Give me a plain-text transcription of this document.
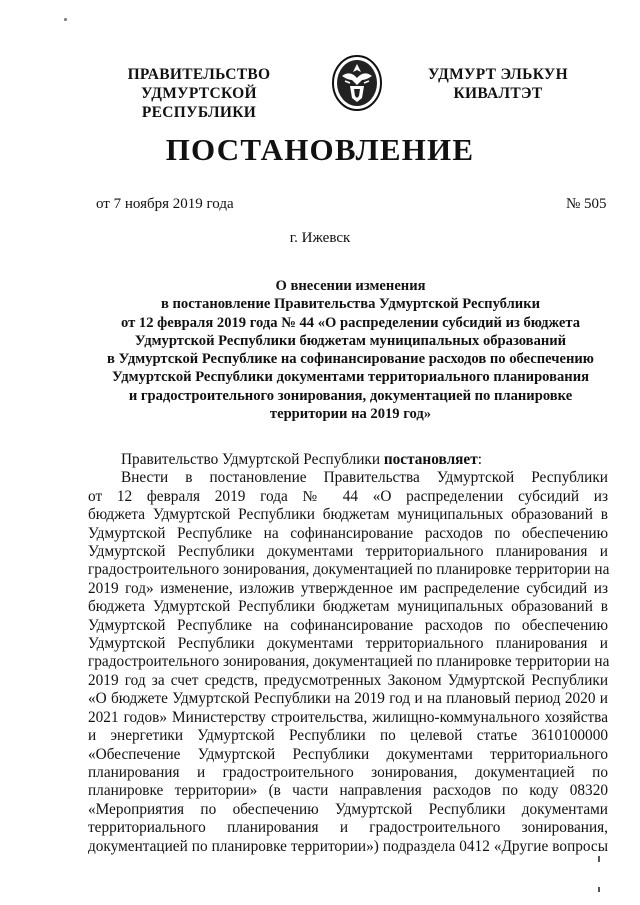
ПРАВИТЕЛЬСТВО
УДМУРТСКОЙ РЕСПУБЛИКИ
УДМУРТ ЭЛЬКУН
КИВАЛТЭТ
ПОСТАНОВЛЕНИЕ
от 7 ноября 2019 года	№ 505
г. Ижевск
О внесении изменения
в постановление Правительства Удмуртской Республики
от 12 февраля 2019 года № 44 «О распределении субсидий из бюджета
Удмуртской Республики бюджетам муниципальных образований
в Удмуртской Республике на софинансирование расходов по обеспечению
Удмуртской Республики документами территориального планирования
и градостроительного зонирования, документацией по планировке
территории на 2019 год»
Правительство Удмуртской Республики постановляет:
Внести в постановление Правительства Удмуртской Республики
от 12 февраля 2019 года № 44 «О распределении субсидий из
бюджета Удмуртской Республики бюджетам муниципальных образований в
Удмуртской Республике на софинансирование расходов по обеспечению
Удмуртской Республики документами территориального планирования и
градостроительного зонирования, документацией по планировке территории на
2019 год» изменение, изложив утвержденное им распределение субсидий из
бюджета Удмуртской Республики бюджетам муниципальных образований в
Удмуртской Республике на софинансирование расходов по обеспечению
Удмуртской Республики документами территориального планирования и
градостроительного зонирования, документацией по планировке территории на
2019 год за счет средств, предусмотренных Законом Удмуртской Республики
«О бюджете Удмуртской Республики на 2019 год и на плановый период 2020 и
2021 годов» Министерству строительства, жилищно-коммунального хозяйства
и энергетики Удмуртской Республики по целевой статье 3610100000
«Обеспечение Удмуртской Республики документами территориального
планирования и градостроительного зонирования, документацией по
планировке территории» (в части направления расходов по коду 08320
«Мероприятия по обеспечению Удмуртской Республики документами
территориального планирования и градостроительного зонирования,
документацией по планировке территории») подраздела 0412 «Другие вопросы
